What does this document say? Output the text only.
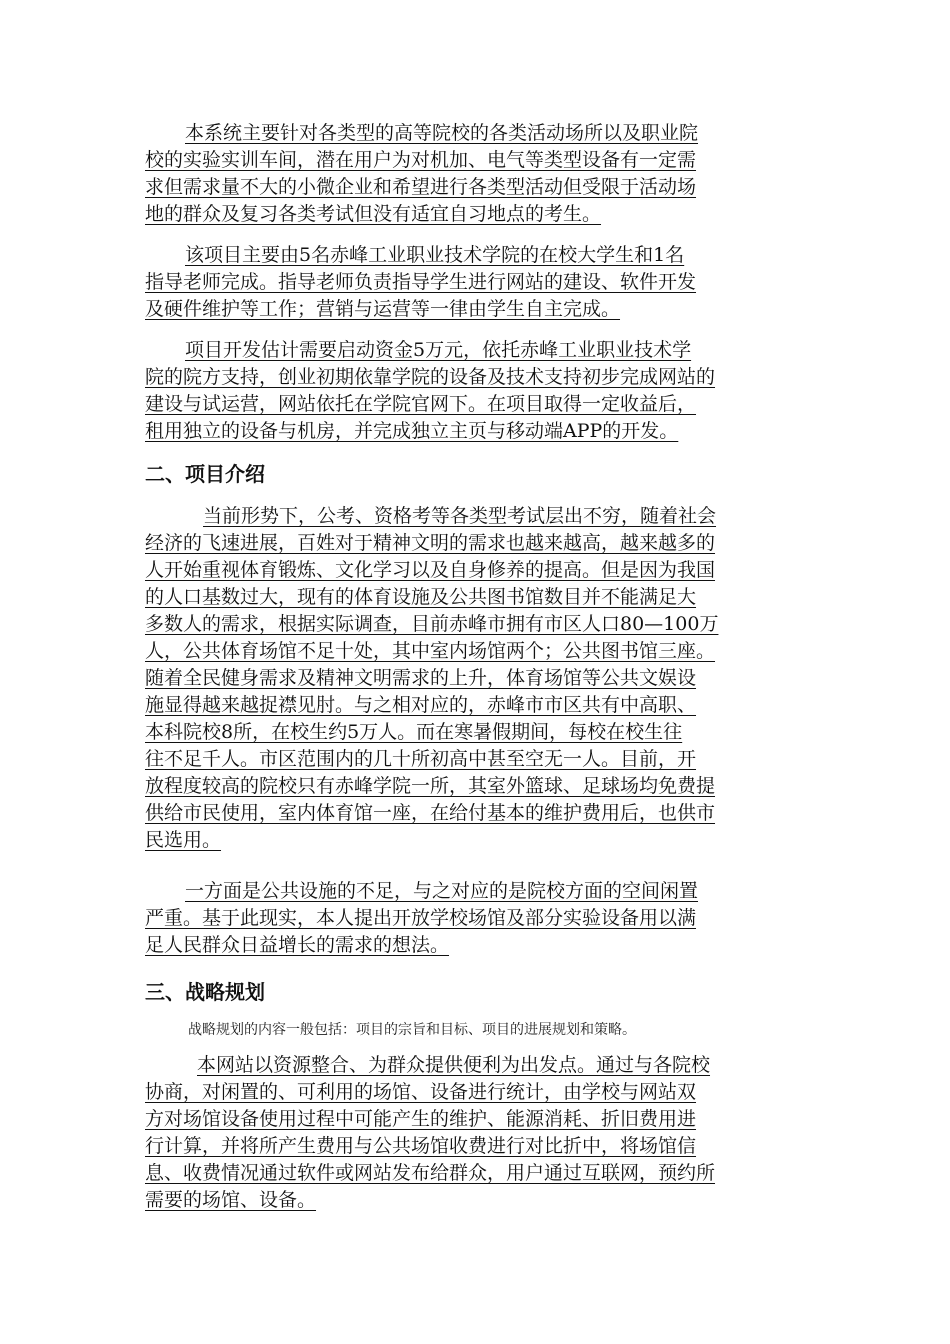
本系统主要针对各类型的高等院校的各类活动场所以及职业院
校的实验实训车间，潜在用户为对机加、电气等类型设备有一定需
求但需求量不大的小微企业和希望进行各类型活动但受限于活动场
地的群众及复习各类考试但没有适宜自习地点的考生。
该项目主要由5名赤峰工业职业技术学院的在校大学生和1名
指导老师完成。指导老师负责指导学生进行网站的建设、软件开发
及硬件维护等工作；营销与运营等一律由学生自主完成。
项目开发估计需要启动资金5万元，依托赤峰工业职业技术学
院的院方支持，创业初期依靠学院的设备及技术支持初步完成网站的
建设与试运营，网站依托在学院官网下。在项目取得一定收益后，
租用独立的设备与机房，并完成独立主页与移动端APP的开发。
二、项目介绍
当前形势下，公考、资格考等各类型考试层出不穷，随着社会
经济的飞速进展，百姓对于精神文明的需求也越来越高，越来越多的
人开始重视体育锻炼、文化学习以及自身修养的提高。但是因为我国
的人口基数过大，现有的体育设施及公共图书馆数目并不能满足大
多数人的需求，根据实际调查，目前赤峰市拥有市区人口80—100万
人，公共体育场馆不足十处，其中室内场馆两个；公共图书馆三座。
随着全民健身需求及精神文明需求的上升，体育场馆等公共文娱设
施显得越来越捉襟见肘。与之相对应的，赤峰市市区共有中高职、
本科院校8所，在校生约5万人。而在寒暑假期间，每校在校生往
往不足千人。市区范围内的几十所初高中甚至空无一人。目前，开
放程度较高的院校只有赤峰学院一所，其室外篮球、足球场均免费提
供给市民使用，室内体育馆一座，在给付基本的维护费用后，也供市
民选用。
一方面是公共设施的不足，与之对应的是院校方面的空间闲置
严重。基于此现实，本人提出开放学校场馆及部分实验设备用以满
足人民群众日益增长的需求的想法。
三、战略规划
战略规划的内容一般包括：项目的宗旨和目标、项目的进展规划和策略。
本网站以资源整合、为群众提供便利为出发点。通过与各院校
协商，对闲置的、可利用的场馆、设备进行统计，由学校与网站双
方对场馆设备使用过程中可能产生的维护、能源消耗、折旧费用进
行计算，并将所产生费用与公共场馆收费进行对比折中，将场馆信
息、收费情况通过软件或网站发布给群众，用户通过互联网，预约所
需要的场馆、设备。
